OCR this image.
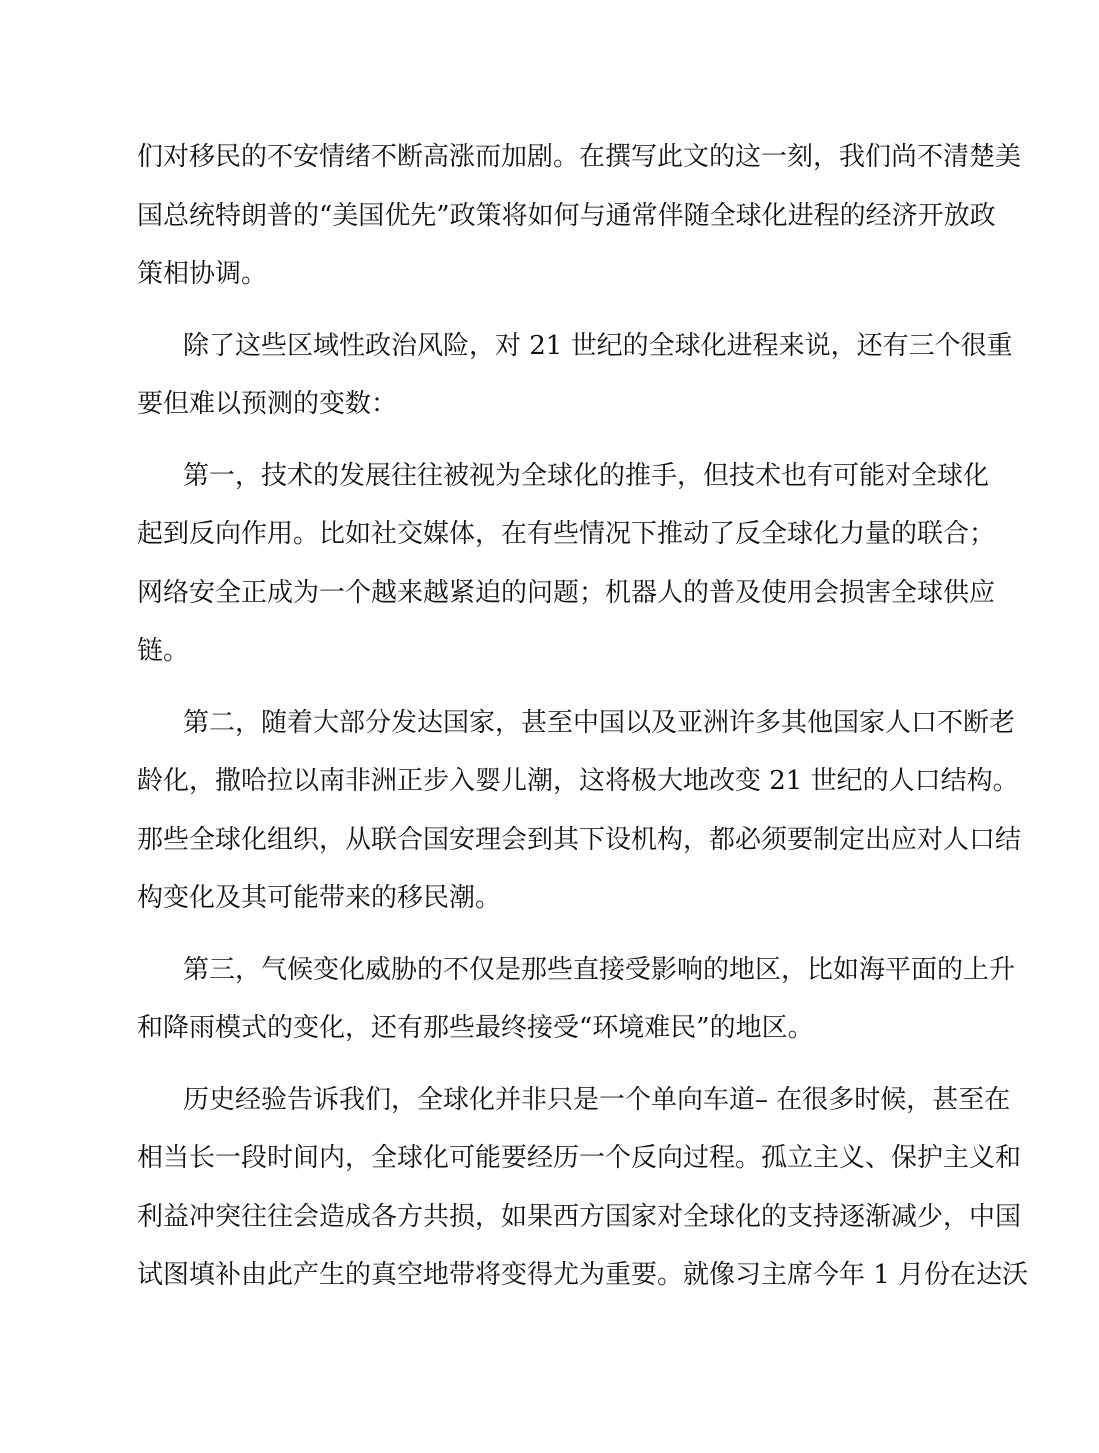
们对移民的不安情绪不断高涨而加剧。在撰写此文的这一刻，我们尚不清楚美
国总统特朗普的“美国优先”政策将如何与通常伴随全球化进程的经济开放政
策相协调。
除了这些区域性政治风险，对 21 世纪的全球化进程来说，还有三个很重
要但难以预测的变数：
第一，技术的发展往往被视为全球化的推手，但技术也有可能对全球化
起到反向作用。比如社交媒体，在有些情况下推动了反全球化力量的联合；
网络安全正成为一个越来越紧迫的问题；机器人的普及使用会损害全球供应
链。
第二，随着大部分发达国家，甚至中国以及亚洲许多其他国家人口不断老
龄化，撒哈拉以南非洲正步入婴儿潮，这将极大地改变 21 世纪的人口结构。
那些全球化组织，从联合国安理会到其下设机构，都必须要制定出应对人口结
构变化及其可能带来的移民潮。
第三，气候变化威胁的不仅是那些直接受影响的地区，比如海平面的上升
和降雨模式的变化，还有那些最终接受“环境难民”的地区。
历史经验告诉我们，全球化并非只是一个单向车道– 在很多时候，甚至在
相当长一段时间内，全球化可能要经历一个反向过程。孤立主义、保护主义和
利益冲突往往会造成各方共损，如果西方国家对全球化的支持逐渐减少，中国
试图填补由此产生的真空地带将变得尤为重要。就像习主席今年 1 月份在达沃
